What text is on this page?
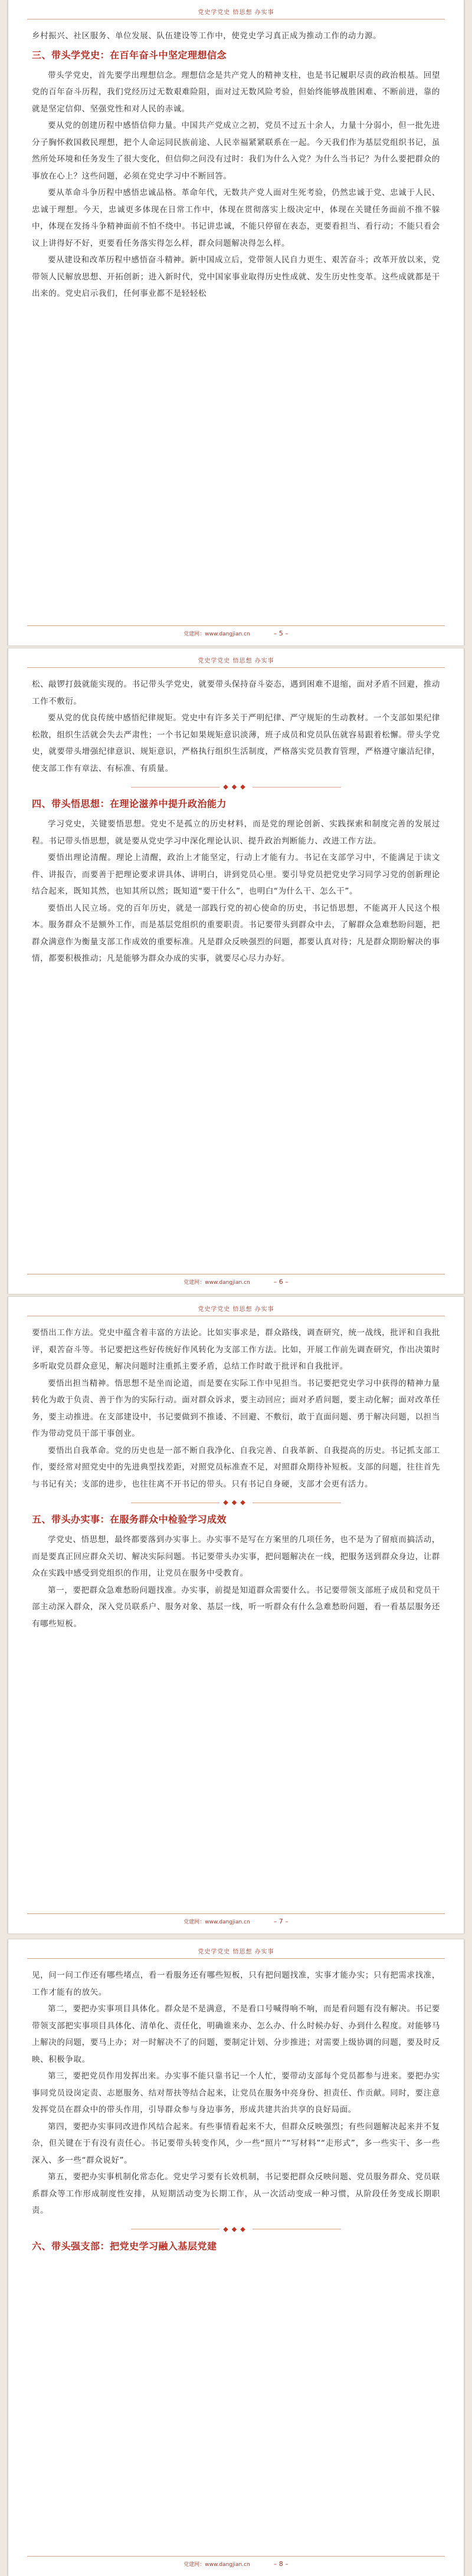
党史学党史 悟思想 办实事

乡村振兴、社区服务、单位发展、队伍建设等工作中，使党史学习真正成为推动工作的动力源。

三、带头学党史：在百年奋斗中坚定理想信念

带头学党史，首先要学出理想信念。理想信念是共产党人的精神支柱，也是书记履职尽责的政治根基。回望党的百年奋斗历程，我们党经历过无数艰难险阻，面对过无数风险考验，但始终能够战胜困难、不断前进，靠的就是坚定信仰、坚强党性和对人民的赤诚。

要从党的创建历程中感悟信仰力量。中国共产党成立之初，党员不过五十余人，力量十分弱小，但一批先进分子胸怀救国救民理想，把个人命运同民族前途、人民幸福紧紧联系在一起。今天我们作为基层党组织书记，虽然所处环境和任务发生了很大变化，但信仰之问没有过时：我们为什么入党？为什么当书记？为什么要把群众的事放在心上？这些问题，必须在党史学习中不断回答。

要从革命斗争历程中感悟忠诚品格。革命年代，无数共产党人面对生死考验，仍然忠诚于党、忠诚于人民、忠诚于理想。今天，忠诚更多体现在日常工作中，体现在贯彻落实上级决定中，体现在关键任务面前不推不躲中，体现在发扬斗争精神面前不怕不绕中。书记讲忠诚，不能只停留在表态，更要看担当、看行动；不能只看会议上讲得好不好，更要看任务落实得怎么样，群众问题解决得怎么样。

要从建设和改革历程中感悟奋斗精神。新中国成立后，党带领人民自力更生、艰苦奋斗；改革开放以来，党带领人民解放思想、开拓创新；进入新时代，党中国家事业取得历史性成就、发生历史性变革。这些成就都是干出来的。党史启示我们，任何事业都不是轻轻松

党建网：www.dangjian.cn	– 5 –
党史学党史 悟思想 办实事

松、敲锣打鼓就能实现的。书记带头学党史，就要带头保持奋斗姿态，遇到困难不退缩，面对矛盾不回避，推动工作不敷衍。

要从党的优良传统中感悟纪律规矩。党史中有许多关于严明纪律、严守规矩的生动教材。一个支部如果纪律松散，组织生活就会失去严肃性；一个书记如果规矩意识淡薄，班子成员和党员队伍就容易跟着松懈。带头学党史，就要带头增强纪律意识、规矩意识，严格执行组织生活制度，严格落实党员教育管理，严格遵守廉洁纪律，使支部工作有章法、有标准、有质量。

◆◆◆
四、带头悟思想：在理论滋养中提升政治能力

学习党史，关键要悟思想。党史不是孤立的历史材料，而是党的理论创新、实践探索和制度完善的发展过程。书记带头悟思想，就是要从党史学习中深化理论认识、提升政治判断能力、改进工作方法。

要悟出理论清醒。理论上清醒，政治上才能坚定，行动上才能有力。书记在支部学习中，不能满足于读文件、讲报告，而要善于把理论要求讲具体、讲明白，讲到党员心里。要引导党员把党史学习同学习党的创新理论结合起来，既知其然，也知其所以然；既知道“要干什么”，也明白“为什么干、怎么干”。

要悟出人民立场。党的百年历史，就是一部践行党的初心使命的历史，书记悟思想，不能离开人民这个根本。服务群众不是额外工作，而是基层党组织的重要职责。书记要带头到群众中去，了解群众急难愁盼问题，把群众满意作为衡量支部工作成效的重要标准。凡是群众反映强烈的问题，都要认真对待；凡是群众期盼解决的事情，都要积极推动；凡是能够为群众办成的实事，就要尽心尽力办好。

党建网：www.dangjian.cn	– 6 –
党史学党史 悟思想 办实事

要悟出工作方法。党史中蕴含着丰富的方法论。比如实事求是，群众路线，调查研究，统一战线，批评和自我批评，艰苦奋斗等。书记要把这些好传统好作风转化为支部工作方法。比如，开展工作前先调查研究，作出决策时多听取党员群众意见，解决问题时注重抓主要矛盾，总结工作时敢于批评和自我批评。

要悟出担当精神。悟思想不是坐而论道，而是要在实际工作中见担当。书记要把党史学习中获得的精神力量转化为敢于负责、善于作为的实际行动。面对群众诉求，要主动回应；面对矛盾问题，要主动化解；面对改革任务，要主动推进。在支部建设中，书记要做到不推诿、不回避、不敷衍，敢于直面问题、勇于解决问题，以担当作为带动党员干部干事创业。

要悟出自我革命。党的历史也是一部不断自我净化、自我完善、自我革新、自我提高的历史。书记抓支部工作，要经常对照党史中的先进典型找差距，对照党员标准查不足，对照群众期待补短板。支部的问题，往往首先与书记有关；支部的进步，也往往离不开书记的带头。只有书记自身硬，支部才会更有活力。

◆◆◆
五、带头办实事：在服务群众中检验学习成效

学党史、悟思想，最终都要落到办实事上。办实事不是写在方案里的几项任务，也不是为了留痕而搞活动，而是要真正回应群众关切、解决实际问题。书记要带头办实事，把问题解决在一线，把服务送到群众身边，让群众在实践中感受到党组织的作用，让党员在服务中受教育。

第一，要把群众急难愁盼问题找准。办实事，前提是知道群众需要什么。书记要带领支部班子成员和党员干部主动深入群众，深入党员联系户、服务对象、基层一线，听一听群众有什么急难愁盼问题，看一看基层服务还有哪些短板。

党建网：www.dangjian.cn	– 7 –
党史学党史 悟思想 办实事

见，问一问工作还有哪些堵点，看一看服务还有哪些短板，只有把问题找准，实事才能办实；只有把需求找准，工作才能有的放矢。

第二，要把办实事项目具体化。群众是不是满意，不是看口号喊得响不响，而是看问题有没有解决。书记要带领支部把实事项目具体化、清单化、责任化，明确谁来办、怎么办、什么时候办好、办到什么程度。对能够马上解决的问题，要马上办；对一时解决不了的问题，要制定计划、分步推进；对需要上级协调的问题，要及时反映、积极争取。

第三，要把党员作用发挥出来。办实事不能只靠书记一个人忙，要带动支部每个党员都参与进来。要把办实事同党员设岗定责、志愿服务、结对帮扶等结合起来，让党员在服务中亮身份、担责任、作贡献。同时，要注意发挥党员在群众中的带头作用，引导群众参与身边事务，形成共建共治共享的良好局面。

第四，要把办实事同改进作风结合起来。有些事情看起来不大，但群众反映强烈；有些问题解决起来并不复杂，但关键在于有没有责任心。书记要带头转变作风，少一些“照片”“写材料”“走形式”，多一些实干、多一些深入、多一些“群众说好”。

第五，要把办实事机制化常态化。党史学习要有长效机制，书记要把群众反映问题、党员服务群众、党员联系群众等工作形成制度性安排，从短期活动变为长期工作，从一次活动变成一种习惯，从阶段任务变成长期职责。

◆◆◆
六、带头强支部：把党史学习融入基层党建
党建网：www.dangjian.cn	– 8 –
